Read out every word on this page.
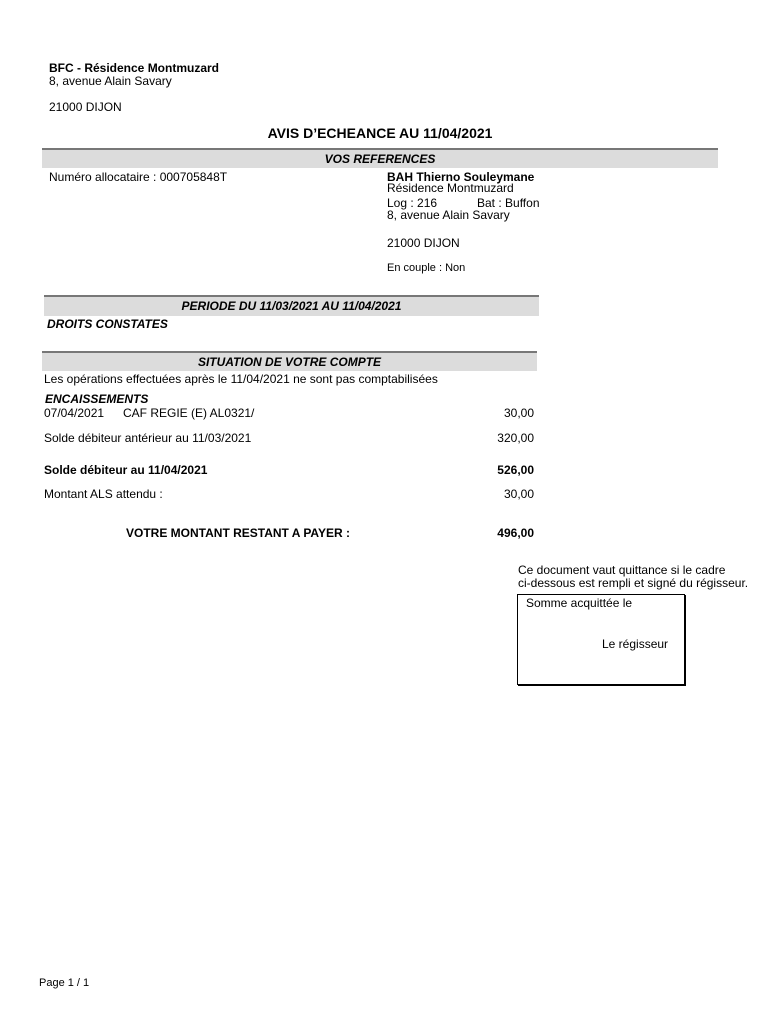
BFC - Résidence Montmuzard
8, avenue Alain Savary
21000 DIJON
AVIS D’ECHEANCE AU 11/04/2021
VOS REFERENCES
Numéro allocataire : 000705848T	BAH Thierno Souleymane
Résidence Montmuzard
Log : 216	Bat : Buffon
8, avenue Alain Savary
21000 DIJON
En couple : Non
PERIODE DU 11/03/2021 AU 11/04/2021
DROITS CONSTATES
SITUATION DE VOTRE COMPTE
Les opérations effectuées après le 11/04/2021 ne sont pas comptabilisées
ENCAISSEMENTS
07/04/2021 CAF REGIE (E) AL0321/	30,00
Solde débiteur antérieur au 11/03/2021	320,00
Solde débiteur au 11/04/2021	526,00
Montant ALS attendu :	30,00
VOTRE MONTANT RESTANT A PAYER :	496,00
Ce document vaut quittance si le cadre
ci-dessous est rempli et signé du régisseur.
Somme acquittée le
Le régisseur
Page 1 / 1
